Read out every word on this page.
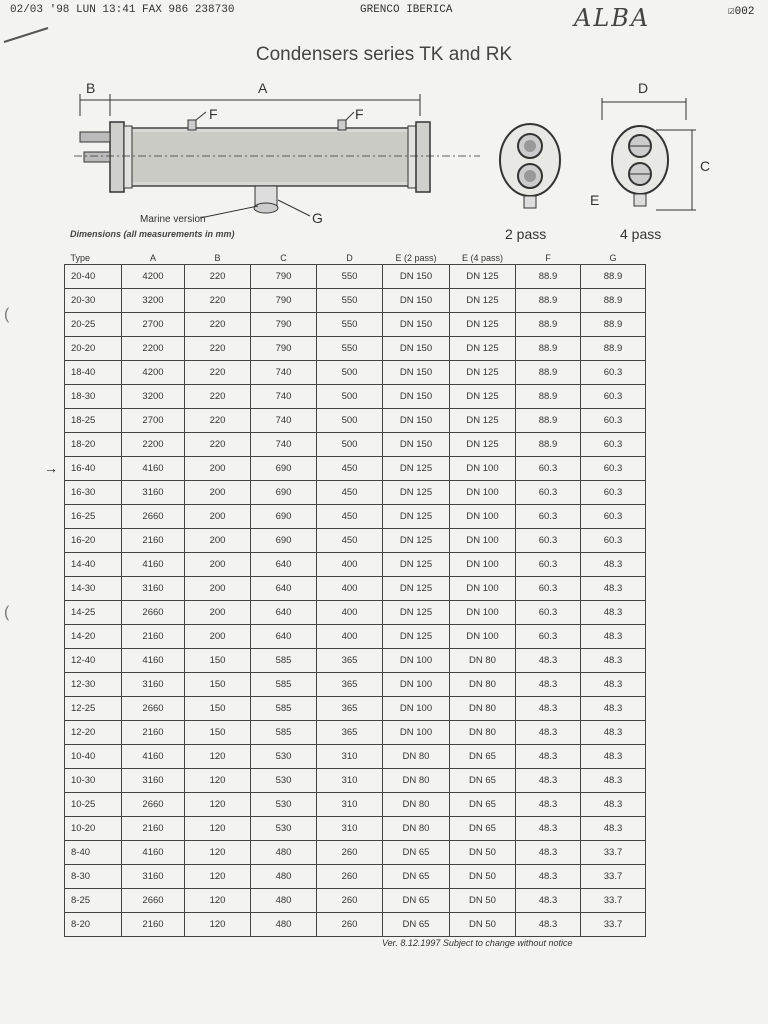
02/03 '98 LUN 13:41 FAX 986 238730	GRENCO IBERICA	☑002
ALBA
Condensers series TK and RK
B	A
F	F
G
Marine version
Dimensions (all measurements in mm)	2 pass
D
C
E
4 pass
(
(
→
Type	A	B	C	D	E (2 pass)	E (4 pass)	F	G
20-40	4200	220	790	550	DN 150	DN 125	88.9	88.9
20-30	3200	220	790	550	DN 150	DN 125	88.9	88.9
20-25	2700	220	790	550	DN 150	DN 125	88.9	88.9
20-20	2200	220	790	550	DN 150	DN 125	88.9	88.9
18-40	4200	220	740	500	DN 150	DN 125	88.9	60.3
18-30	3200	220	740	500	DN 150	DN 125	88.9	60.3
18-25	2700	220	740	500	DN 150	DN 125	88.9	60.3
18-20	2200	220	740	500	DN 150	DN 125	88.9	60.3
16-40	4160	200	690	450	DN 125	DN 100	60.3	60.3
16-30	3160	200	690	450	DN 125	DN 100	60.3	60.3
16-25	2660	200	690	450	DN 125	DN 100	60.3	60.3
16-20	2160	200	690	450	DN 125	DN 100	60.3	60.3
14-40	4160	200	640	400	DN 125	DN 100	60.3	48.3
14-30	3160	200	640	400	DN 125	DN 100	60.3	48.3
14-25	2660	200	640	400	DN 125	DN 100	60.3	48.3
14-20	2160	200	640	400	DN 125	DN 100	60.3	48.3
12-40	4160	150	585	365	DN 100	DN 80	48.3	48.3
12-30	3160	150	585	365	DN 100	DN 80	48.3	48.3
12-25	2660	150	585	365	DN 100	DN 80	48.3	48.3
12-20	2160	150	585	365	DN 100	DN 80	48.3	48.3
10-40	4160	120	530	310	DN 80	DN 65	48.3	48.3
10-30	3160	120	530	310	DN 80	DN 65	48.3	48.3
10-25	2660	120	530	310	DN 80	DN 65	48.3	48.3
10-20	2160	120	530	310	DN 80	DN 65	48.3	48.3
8-40	4160	120	480	260	DN 65	DN 50	48.3	33.7
8-30	3160	120	480	260	DN 65	DN 50	48.3	33.7
8-25	2660	120	480	260	DN 65	DN 50	48.3	33.7
8-20	2160	120	480	260	DN 65	DN 50	48.3	33.7
Ver. 8.12.1997 Subject to change without notice
